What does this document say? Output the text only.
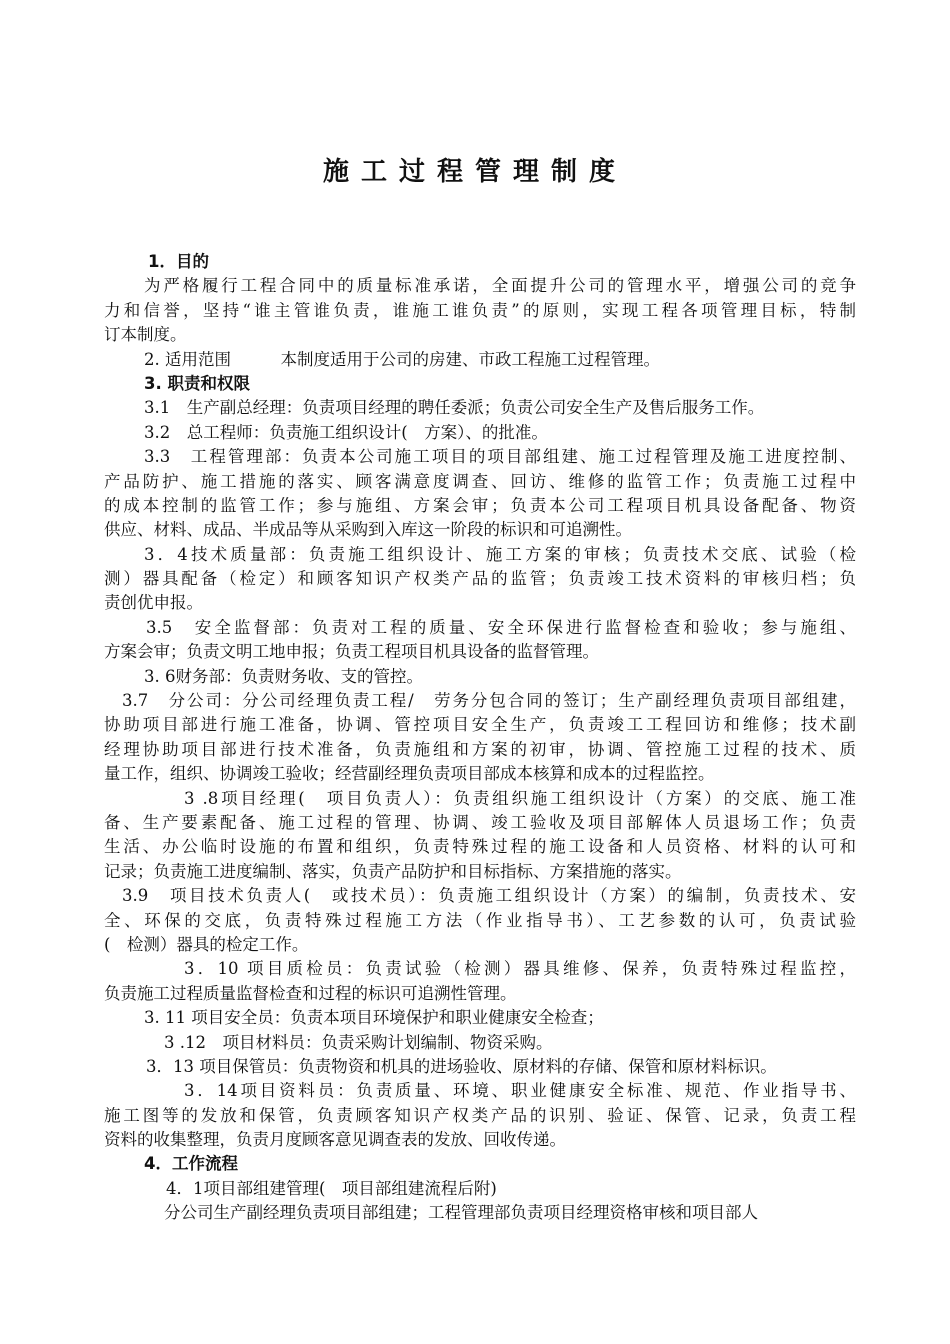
施工过程管理制度
1．目的
为严格履行工程合同中的质量标准承诺，全面提升公司的管理水平，增强公司的竞争
力和信誉，坚持“谁主管谁负责，谁施工谁负责”的原则，实现工程各项管理目标，特制
订本制度。
2. 适用范围　　　本制度适用于公司的房建、市政工程施工过程管理。
3. 职责和权限
3.1　生产副总经理：负责项目经理的聘任委派；负责公司安全生产及售后服务工作。
3.2　总工程师：负责施工组织设计(　方案）、的批准。
3.3　工程管理部：负责本公司施工项目的项目部组建、施工过程管理及施工进度控制、
产品防护、施工措施的落实、顾客满意度调查、回访、维修的监管工作；负责施工过程中
的成本控制的监管工作；参与施组、方案会审；负责本公司工程项目机具设备配备、物资
供应、材料、成品、半成品等从采购到入库这一阶段的标识和可追溯性。
3．4技术质量部：负责施工组织设计、施工方案的审核；负责技术交底、试验（检
测）器具配备（检定）和顾客知识产权类产品的监管；负责竣工技术资料的审核归档；负
责创优申报。
3.5　安全监督部：负责对工程的质量、安全环保进行监督检查和验收；参与施组、
方案会审；负责文明工地申报；负责工程项目机具设备的监督管理。
3. 6财务部：负责财务收、支的管控。
3.7　分公司：分公司经理负责工程/　劳务分包合同的签订；生产副经理负责项目部组建，
协助项目部进行施工准备，协调、管控项目安全生产，负责竣工工程回访和维修；技术副
经理协助项目部进行技术准备，负责施组和方案的初审，协调、管控施工过程的技术、质
量工作，组织、协调竣工验收；经营副经理负责项目部成本核算和成本的过程监控。
3 .8项目经理(　项目负责人）：负责组织施工组织设计（方案）的交底、施工准
备、生产要素配备、施工过程的管理、协调、竣工验收及项目部解体人员退场工作；负责
生活、办公临时设施的布置和组织，负责特殊过程的施工设备和人员资格、材料的认可和
记录；负责施工进度编制、落实，负责产品防护和目标指标、方案措施的落实。
3.9　项目技术负责人(　或技术员）：负责施工组织设计（方案）的编制，负责技术、安
全、环保的交底，负责特殊过程施工方法（作业指导书）、工艺参数的认可，负责试验
(　检测）器具的检定工作。
3．10 项目质检员：负责试验（检测）器具维修、保养，负责特殊过程监控，
负责施工过程质量监督检查和过程的标识可追溯性管理。
3. 11 项目安全员：负责本项目环境保护和职业健康安全检查；
3 .12　项目材料员：负责采购计划编制、物资采购。
3．13 项目保管员：负责物资和机具的进场验收、原材料的存储、保管和原材料标识。
3．14项目资料员：负责质量、环境、职业健康安全标准、规范、作业指导书、
施工图等的发放和保管，负责顾客知识产权类产品的识别、验证、保管、记录，负责工程
资料的收集整理，负责月度顾客意见调查表的发放、回收传递。
4．工作流程
4．1项目部组建管理(　项目部组建流程后附)
分公司生产副经理负责项目部组建；工程管理部负责项目经理资格审核和项目部人
